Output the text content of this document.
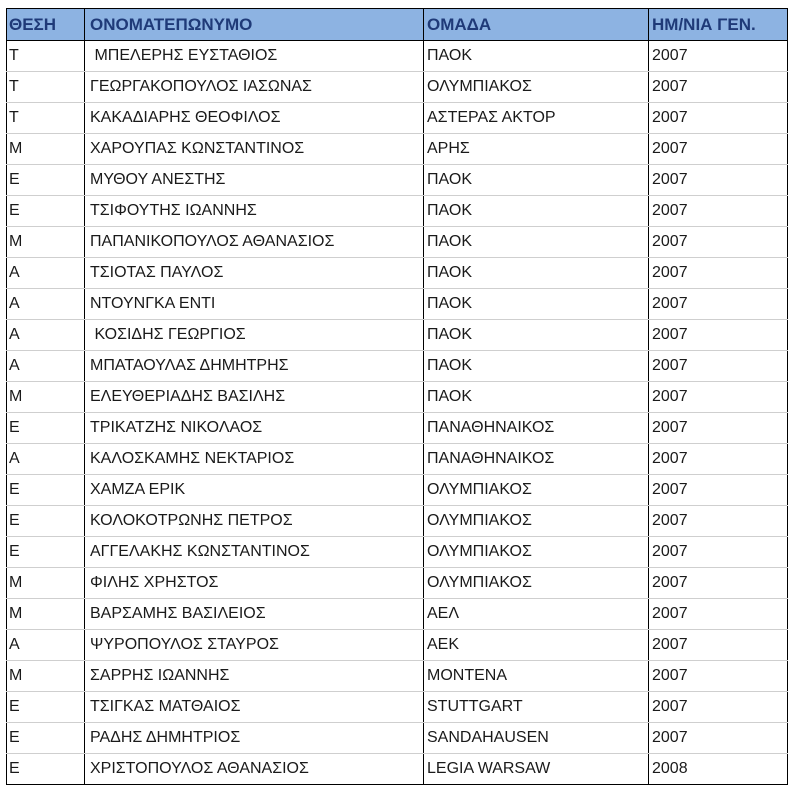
ΘΕΣΗ	ΟΝΟΜΑΤΕΠΩΝΥΜΟ	ΟΜΑΔΑ	ΗΜ/ΝΙΑ ΓΕΝ.
Τ	ΜΠΕΛΕΡΗΣ ΕΥΣΤΑΘΙΟΣ	ΠΑΟΚ	2007
Τ	ΓΕΩΡΓΑΚΟΠΟΥΛΟΣ ΙΑΣΩΝΑΣ	ΟΛΥΜΠΙΑΚΟΣ	2007
Τ	ΚΑΚΑΔΙΑΡΗΣ ΘΕΟΦΙΛΟΣ	ΑΣΤΕΡΑΣ ΑΚΤΟΡ	2007
Μ	ΧΑΡΟΥΠΑΣ ΚΩΝΣΤΑΝΤΙΝΟΣ	ΑΡΗΣ	2007
Ε	ΜΥΘΟΥ ΑΝΕΣΤΗΣ	ΠΑΟΚ	2007
Ε	ΤΣΙΦΟΥΤΗΣ ΙΩΑΝΝΗΣ	ΠΑΟΚ	2007
Μ	ΠΑΠΑΝΙΚΟΠΟΥΛΟΣ ΑΘΑΝΑΣΙΟΣ	ΠΑΟΚ	2007
Α	ΤΣΙΟΤΑΣ ΠΑΥΛΟΣ	ΠΑΟΚ	2007
Α	ΝΤΟΥΝΓΚΑ ΕΝΤΙ	ΠΑΟΚ	2007
Α	ΚΟΣΙΔΗΣ ΓΕΩΡΓΙΟΣ	ΠΑΟΚ	2007
Α	ΜΠΑΤΑΟΥΛΑΣ ΔΗΜΗΤΡΗΣ	ΠΑΟΚ	2007
Μ	ΕΛΕΥΘΕΡΙΑΔΗΣ ΒΑΣΙΛΗΣ	ΠΑΟΚ	2007
Ε	ΤΡΙΚΑΤΖΗΣ ΝΙΚΟΛΑΟΣ	ΠΑΝΑΘΗΝΑΙΚΟΣ	2007
Α	ΚΑΛΟΣΚΑΜΗΣ ΝΕΚΤΑΡΙΟΣ	ΠΑΝΑΘΗΝΑΙΚΟΣ	2007
Ε	ΧΑΜΖΑ ΕΡΙΚ	ΟΛΥΜΠΙΑΚΟΣ	2007
Ε	ΚΟΛΟΚΟΤΡΩΝΗΣ ΠΕΤΡΟΣ	ΟΛΥΜΠΙΑΚΟΣ	2007
Ε	ΑΓΓΕΛΑΚΗΣ ΚΩΝΣΤΑΝΤΙΝΟΣ	ΟΛΥΜΠΙΑΚΟΣ	2007
Μ	ΦΙΛΗΣ ΧΡΗΣΤΟΣ	ΟΛΥΜΠΙΑΚΟΣ	2007
Μ	ΒΑΡΣΑΜΗΣ ΒΑΣΙΛΕΙΟΣ	ΑΕΛ	2007
Α	ΨΥΡΟΠΟΥΛΟΣ ΣΤΑΥΡΟΣ	ΑΕΚ	2007
Μ	ΣΑΡΡΗΣ ΙΩΑΝΝΗΣ	ΜΟΝΤΕΝΑ	2007
Ε	ΤΣΙΓΚΑΣ ΜΑΤΘΑΙΟΣ	STUTTGART	2007
Ε	ΡΑΔΗΣ ΔΗΜΗΤΡΙΟΣ	SANDAHAUSEN	2007
Ε	ΧΡΙΣΤΟΠΟΥΛΟΣ ΑΘΑΝΑΣΙΟΣ	LEGIA WARSAW	2008
